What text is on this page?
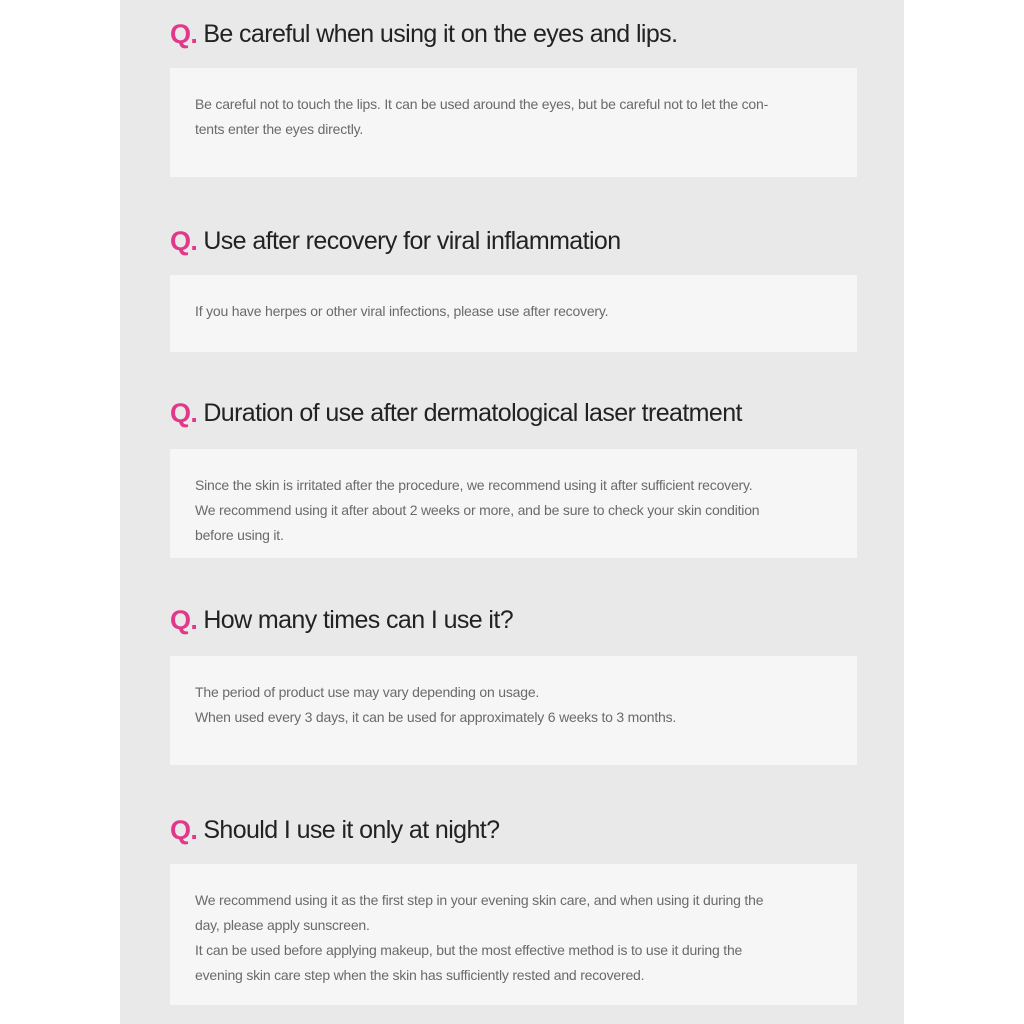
Q. Be careful when using it on the eyes and lips.
Be careful not to touch the lips. It can be used around the eyes, but be careful not to let the con-
tents enter the eyes directly.
Q. Use after recovery for viral inflammation
If you have herpes or other viral infections, please use after recovery.
Q. Duration of use after dermatological laser treatment
Since the skin is irritated after the procedure, we recommend using it after sufficient recovery.
We recommend using it after about 2 weeks or more, and be sure to check your skin condition
before using it.
Q. How many times can I use it?
The period of product use may vary depending on usage.
When used every 3 days, it can be used for approximately 6 weeks to 3 months.
Q. Should I use it only at night?
We recommend using it as the first step in your evening skin care, and when using it during the
day, please apply sunscreen.
It can be used before applying makeup, but the most effective method is to use it during the
evening skin care step when the skin has sufficiently rested and recovered.
